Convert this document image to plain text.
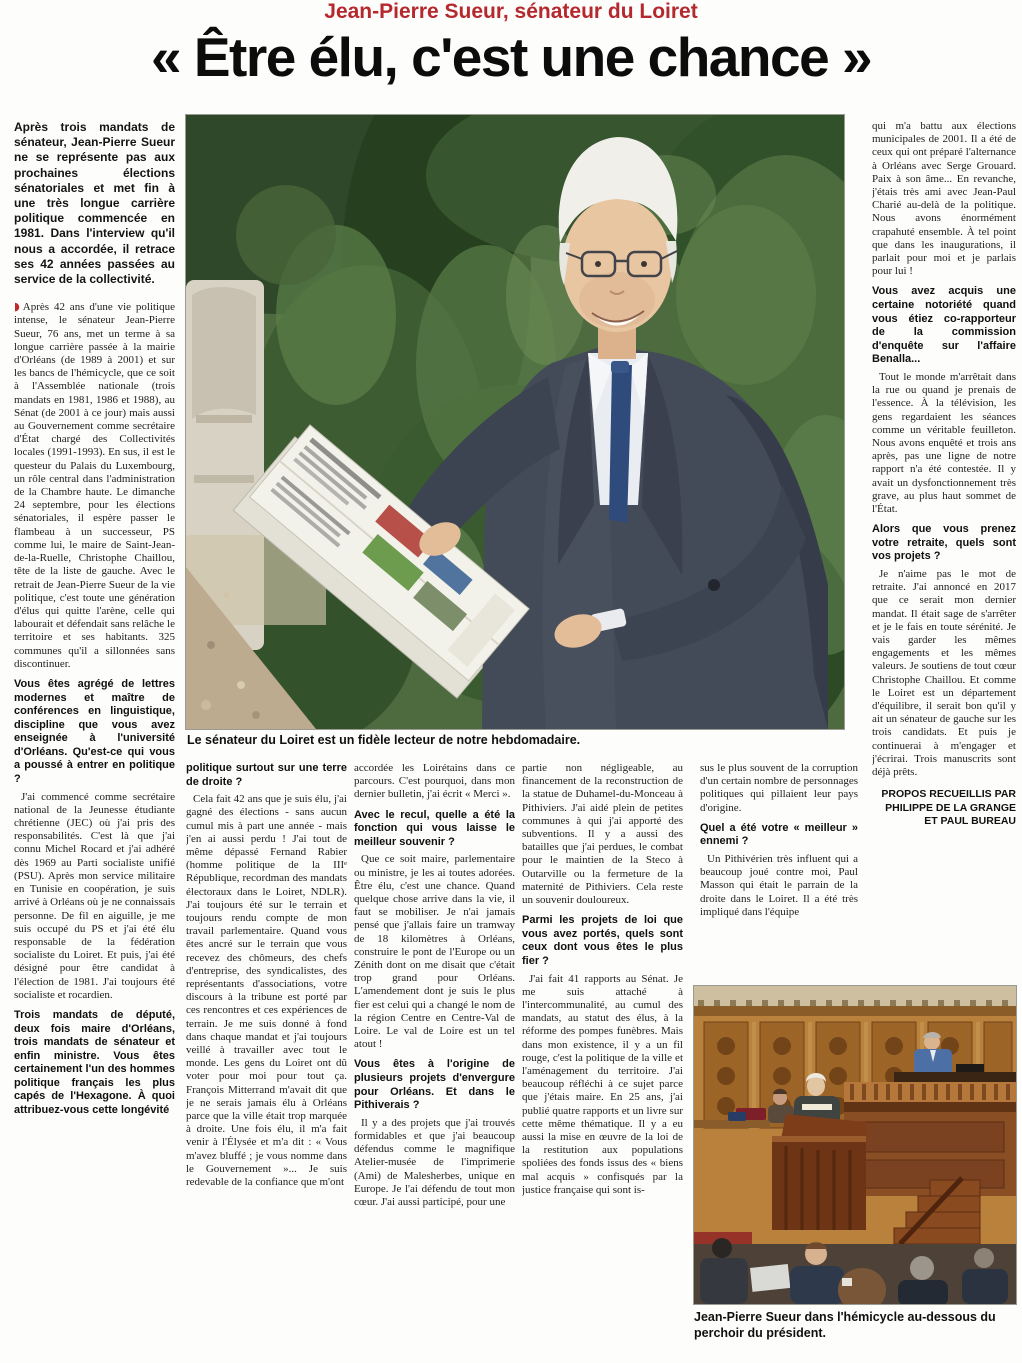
Jean-Pierre Sueur, sénateur du Loiret
« Être élu, c'est une chance »

Après trois mandats de sénateur, Jean-Pierre Sueur ne se représente pas aux prochaines élections sénatoriales et met fin à une très longue carrière politique commencée en 1981. Dans l'interview qu'il nous a accordée, il retrace ses 42 années passées au service de la collectivité.

◗ Après 42 ans d'une vie politique intense, le sénateur Jean-Pierre Sueur, 76 ans, met un terme à sa longue carrière passée à la mairie d'Orléans (de 1989 à 2001) et sur les bancs de l'hémicycle, que ce soit à l'Assemblée nationale (trois mandats en 1981, 1986 et 1988), au Sénat (de 2001 à ce jour) mais aussi au Gouvernement comme secrétaire d'État chargé des Collectivités locales (1991-1993). En sus, il est le questeur du Palais du Luxembourg, un rôle central dans l'administration de la Chambre haute. Le dimanche 24 septembre, pour les élections sénatoriales, il espère passer le flambeau à un successeur, PS comme lui, le maire de Saint-Jean-de-la-Ruelle, Christophe Chaillou, tête de la liste de gauche. Avec le retrait de Jean-Pierre Sueur de la vie politique, c'est toute une génération d'élus qui quitte l'arène, celle qui labourait et défendait sans relâche le territoire et ses habitants. 325 communes qu'il a sillonnées sans discontinuer.

Vous êtes agrégé de lettres modernes et maître de conférences en linguistique, discipline que vous avez enseignée à l'université d'Orléans. Qu'est-ce qui vous a poussé à entrer en politique ?

J'ai commencé comme secrétaire national de la Jeunesse étudiante chrétienne (JEC) où j'ai pris des responsabilités. C'est là que j'ai connu Michel Rocard et j'ai adhéré dès 1969 au Parti socialiste unifié (PSU). Après mon service militaire en Tunisie en coopération, je suis arrivé à Orléans où je ne connaissais personne. De fil en aiguille, je me suis occupé du PS et j'ai été élu responsable de la fédération socialiste du Loiret. Et puis, j'ai été désigné pour être candidat à l'élection de 1981. J'ai toujours été socialiste et rocardien.

Trois mandats de député, deux fois maire d'Orléans, trois mandats de sénateur et enfin ministre. Vous êtes certainement l'un des hommes politique français les plus capés de l'Hexagone. À quoi attribuez-vous cette longévité
Le sénateur du Loiret est un fidèle lecteur de notre hebdomadaire.
politique surtout sur une terre de droite ?

Cela fait 42 ans que je suis élu, j'ai gagné des élections - sans aucun cumul mis à part une année - mais j'en ai aussi perdu ! J'ai tout de même dépassé Fernand Rabier (homme politique de la IIIᵉ République, recordman des mandats électoraux dans le Loiret, NDLR). J'ai toujours été sur le terrain et toujours rendu compte de mon travail parlementaire. Quand vous êtes ancré sur le terrain que vous recevez des chômeurs, des chefs d'entreprise, des syndicalistes, des représentants d'associations, votre discours à la tribune est porté par ces rencontres et ces expériences de terrain. Je me suis donné à fond dans chaque mandat et j'ai toujours veillé à travailler avec tout le monde. Les gens du Loiret ont dû voter pour moi pour tout ça. François Mitterrand m'avait dit que je ne serais jamais élu à Orléans parce que la ville était trop marquée à droite. Une fois élu, il m'a fait venir à l'Élysée et m'a dit : « Vous m'avez bluffé ; je vous nomme dans le Gouvernement »... Je suis redevable de la confiance que m'ont

accordée les Loirétains dans ce parcours. C'est pourquoi, dans mon dernier bulletin, j'ai écrit « Merci ».

Avec le recul, quelle a été la fonction qui vous laisse le meilleur souvenir ?

Que ce soit maire, parlementaire ou ministre, je les ai toutes adorées. Être élu, c'est une chance. Quand quelque chose arrive dans la vie, il faut se mobiliser. Je n'ai jamais pensé que j'allais faire un tramway de 18 kilomètres à Orléans, construire le pont de l'Europe ou un Zénith dont on me disait que c'était trop grand pour Orléans. L'amendement dont je suis le plus fier est celui qui a changé le nom de la région Centre en Centre-Val de Loire. Le val de Loire est un tel atout !

Vous êtes à l'origine de plusieurs projets d'envergure pour Orléans. Et dans le Pithiverais ?

Il y a des projets que j'ai trouvés formidables et que j'ai beaucoup défendus comme le magnifique Atelier-musée de l'imprimerie (Ami) de Malesherbes, unique en Europe. Je l'ai défendu de tout mon cœur. J'ai aussi participé, pour une

partie non négligeable, au financement de la reconstruction de la statue de Duhamel-du-Monceau à Pithiviers. J'ai aidé plein de petites communes à qui j'ai apporté des subventions. Il y a aussi des batailles que j'ai perdues, le combat pour le maintien de la Steco à Outarville ou la fermeture de la maternité de Pithiviers. Cela reste un souvenir douloureux.

Parmi les projets de loi que vous avez portés, quels sont ceux dont vous êtes le plus fier ?

J'ai fait 41 rapports au Sénat. Je me suis attaché à l'intercommunalité, au cumul des mandats, au statut des élus, à la réforme des pompes funèbres. Mais dans mon existence, il y a un fil rouge, c'est la politique de la ville et l'aménagement du territoire. J'ai beaucoup réfléchi à ce sujet parce que j'étais maire. En 25 ans, j'ai publié quatre rapports et un livre sur cette même thématique. Il y a eu aussi la mise en œuvre de la loi de la restitution aux populations spoliées des fonds issus des « biens mal acquis » confisqués par la justice française qui sont is-

sus le plus souvent de la corruption d'un certain nombre de personnages politiques qui pillaient leur pays d'origine.

Quel a été votre « meilleur » ennemi ?

Un Pithivérien très influent qui a beaucoup joué contre moi, Paul Masson qui était le parrain de la droite dans le Loiret. Il a été très impliqué dans l'équipe

qui m'a battu aux élections municipales de 2001. Il a été de ceux qui ont préparé l'alternance à Orléans avec Serge Grouard. Paix à son âme... En revanche, j'étais très ami avec Jean-Paul Charié au-delà de la politique. Nous avons énormément crapahuté ensemble. À tel point que dans les inaugurations, il parlait pour moi et je parlais pour lui !

Vous avez acquis une certaine notoriété quand vous étiez co-rapporteur de la commission d'enquête sur l'affaire Benalla...

Tout le monde m'arrêtait dans la rue ou quand je prenais de l'essence. À la télévision, les gens regardaient les séances comme un véritable feuilleton. Nous avons enquêté et trois ans après, pas une ligne de notre rapport n'a été contestée. Il y avait un dysfonctionnement très grave, au plus haut sommet de l'État.

Alors que vous prenez votre retraite, quels sont vos projets ?

Je n'aime pas le mot de retraite. J'ai annoncé en 2017 que ce serait mon dernier mandat. Il était sage de s'arrêter et je le fais en toute sérénité. Je vais garder les mêmes engagements et les mêmes valeurs. Je soutiens de tout cœur Christophe Chaillou. Et comme le Loiret est un département d'équilibre, il serait bon qu'il y ait un sénateur de gauche sur les trois candidats. Et puis je continuerai à m'engager et j'écrirai. Trois manuscrits sont déjà prêts.

PROPOS RECUEILLIS PAR
PHILIPPE DE LA GRANGE
ET PAUL BUREAU
Jean-Pierre Sueur dans l'hémicycle au-dessous du perchoir du président.
